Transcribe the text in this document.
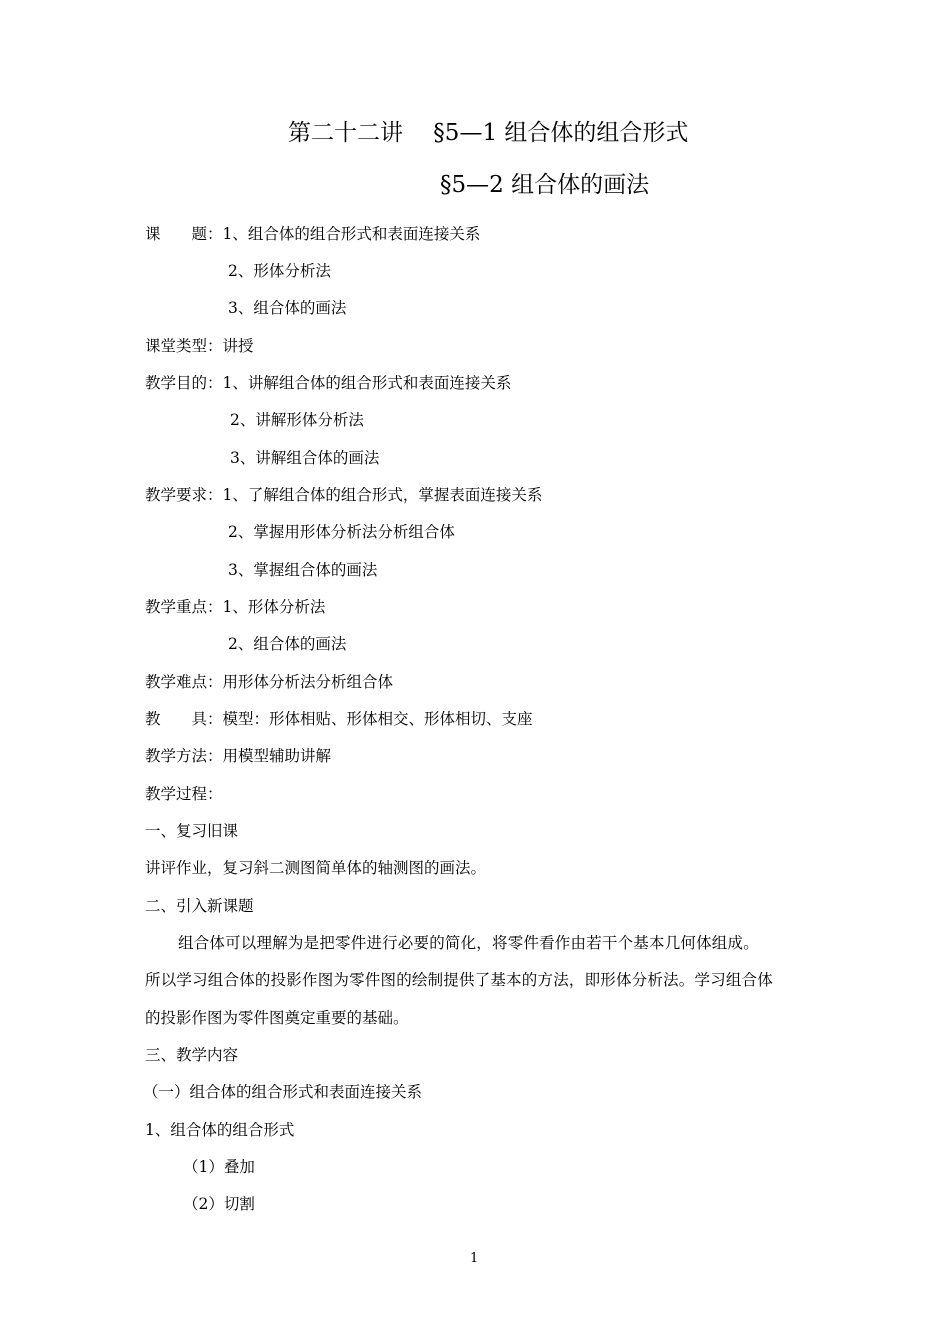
第二十二讲　 §5—1 组合体的组合形式
§5—2 组合体的画法
课　　题：1、组合体的组合形式和表面连接关系
2、形体分析法
3、组合体的画法
课堂类型：讲授
教学目的：1、讲解组合体的组合形式和表面连接关系
2、讲解形体分析法
3、讲解组合体的画法
教学要求：1、了解组合体的组合形式，掌握表面连接关系
2、掌握用形体分析法分析组合体
3、掌握组合体的画法
教学重点：1、形体分析法
2、组合体的画法
教学难点：用形体分析法分析组合体
教　　具：模型：形体相贴、形体相交、形体相切、支座
教学方法：用模型辅助讲解
教学过程：
一、复习旧课
讲评作业，复习斜二测图简单体的轴测图的画法。
二、引入新课题
组合体可以理解为是把零件进行必要的简化，将零件看作由若干个基本几何体组成。
所以学习组合体的投影作图为零件图的绘制提供了基本的方法，即形体分析法。学习组合体
的投影作图为零件图奠定重要的基础。
三、教学内容
（一）组合体的组合形式和表面连接关系
1、组合体的组合形式
（1）叠加
（2）切割
1
